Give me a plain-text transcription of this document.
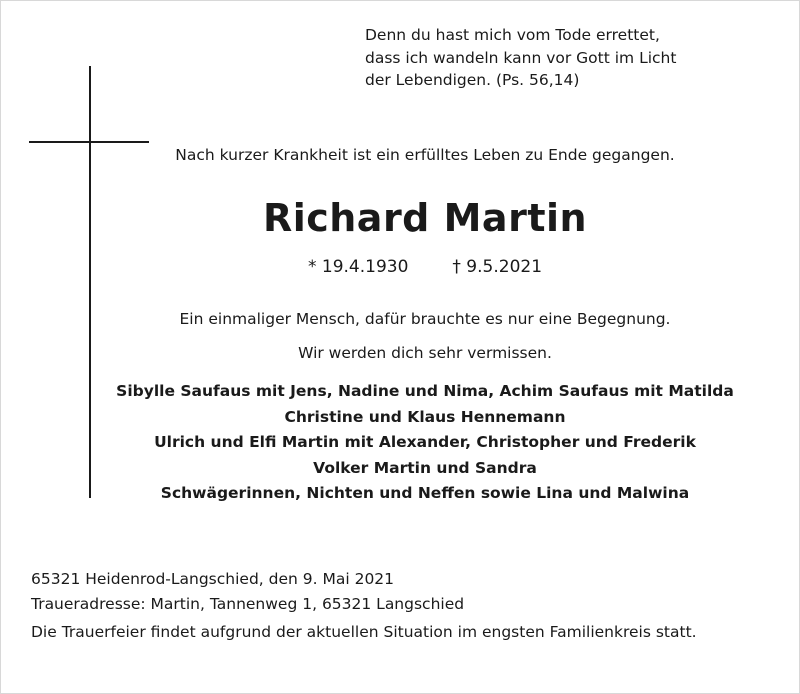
Denn du hast mich vom Tode errettet,
dass ich wandeln kann vor Gott im Licht
der Lebendigen. (Ps. 56,14)
Nach kurzer Krankheit ist ein erfülltes Leben zu Ende gegangen.
Richard Martin
* 19.4.1930	† 9.5.2021
Ein einmaliger Mensch, dafür brauchte es nur eine Begegnung.
Wir werden dich sehr vermissen.
Sibylle Saufaus mit Jens, Nadine und Nima, Achim Saufaus mit Matilda
Christine und Klaus Hennemann
Ulrich und Elfi Martin mit Alexander, Christopher und Frederik
Volker Martin und Sandra
Schwägerinnen, Nichten und Neffen sowie Lina und Malwina
65321 Heidenrod-Langschied, den 9. Mai 2021
Traueradresse: Martin, Tannenweg 1, 65321 Langschied
Die Trauerfeier findet aufgrund der aktuellen Situation im engsten Familienkreis statt.
